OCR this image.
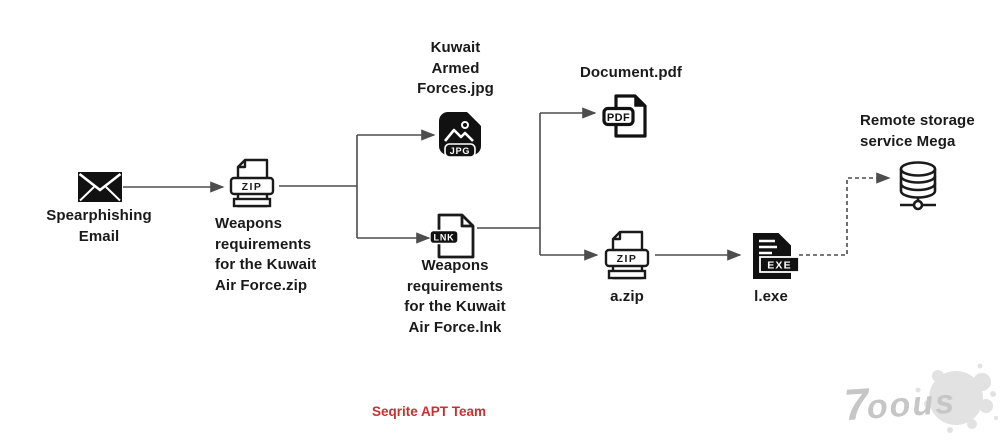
Spearphishing
Email
ZIP
Weapons
requirements
for the Kuwait
Air Force.zip
Kuwait
Armed
Forces.jpg
JPG
LNK
Weapons
requirements
for the Kuwait
Air Force.lnk
Document.pdf
PDF
ZIP
a.zip
EXE
l.exe
Remote storage
service Mega
Seqrite APT Team	7oous
